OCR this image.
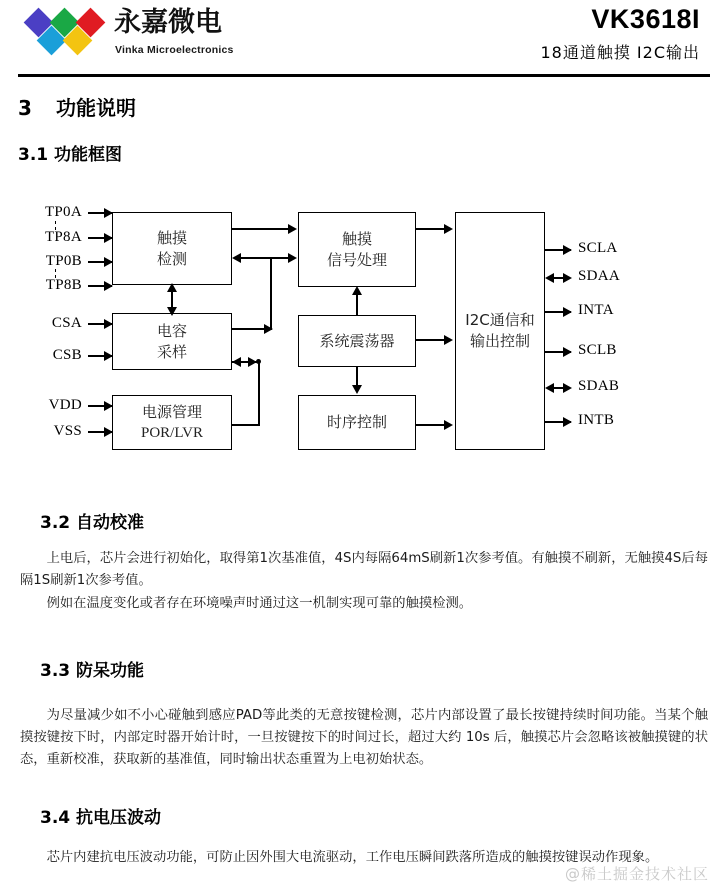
永嘉微电
Vinka Microelectronics
VK3618I
18通道触摸 I2C输出
3 功能说明
3.1 功能框图
TP0A
TP8A
TP0B
TP8B
CSA
CSB
VDD
VSS
触摸
检测
电容
采样
电源管理
POR/LVR
触摸
信号处理
系统震荡器
时序控制
I2C通信和
输出控制
SCLA
SDAA
INTA
SCLB
SDAB
INTB
3.2 自动校准
上电后，芯片会进行初始化，取得第1次基准值，4S内每隔64mS刷新1次参考值。有触摸不刷新，无触摸4S后每隔1S刷新1次参考值。
例如在温度变化或者存在环境噪声时通过这一机制实现可靠的触摸检测。
3.3 防呆功能
为尽量减少如不小心碰触到感应PAD等此类的无意按键检测，芯片内部设置了最长按键持续时间功能。当某个触摸按键按下时，内部定时器开始计时，一旦按键按下的时间过长，超过大约 10s 后，触摸芯片会忽略该被触摸键的状态，重新校准，获取新的基准值，同时输出状态重置为上电初始状态。
3.4 抗电压波动
芯片内建抗电压波动功能，可防止因外围大电流驱动，工作电压瞬间跌落所造成的触摸按键误动作现象。
@稀土掘金技术社区
